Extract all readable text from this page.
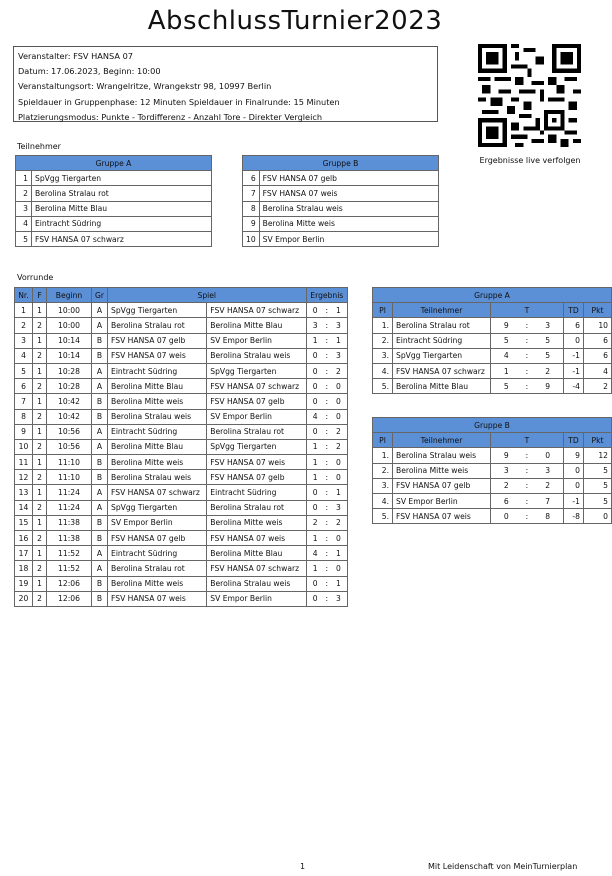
AbschlussTurnier2023
Veranstalter: FSV HANSA 07
Datum: 17.06.2023, Beginn: 10:00
Veranstaltungsort: Wrangelritze, Wrangekstr 98, 10997 Berlin
Spieldauer in Gruppenphase: 12 Minuten Spieldauer in Finalrunde: 15 Minuten
Platzierungsmodus: Punkte - Tordifferenz - Anzahl Tore - Direkter Vergleich
Ergebnisse live verfolgen
Teilnehmer
Gruppe A	
1	SpVgg Tiergarten
2	Berolina Stralau rot
3	Berolina Mitte Blau
4	Eintracht Südring
5	FSV HANSA 07 schwarz
Gruppe B	
6	FSV HANSA 07 gelb
7	FSV HANSA 07 weis
8	Berolina Stralau weis
9	Berolina Mitte weis
10	SV Empor Berlin
Vorrunde
Nr.	F	Beginn	Gr	Spiel		Ergebnis		
1	1	10:00	A	SpVgg Tiergarten	FSV HANSA 07 schwarz	0	:	1
2	2	10:00	A	Berolina Stralau rot	Berolina Mitte Blau	3	:	3
3	1	10:14	B	FSV HANSA 07 gelb	SV Empor Berlin	1	:	1
4	2	10:14	B	FSV HANSA 07 weis	Berolina Stralau weis	0	:	3
5	1	10:28	A	Eintracht Südring	SpVgg Tiergarten	0	:	2
6	2	10:28	A	Berolina Mitte Blau	FSV HANSA 07 schwarz	0	:	0
7	1	10:42	B	Berolina Mitte weis	FSV HANSA 07 gelb	0	:	0
8	2	10:42	B	Berolina Stralau weis	SV Empor Berlin	4	:	0
9	1	10:56	A	Eintracht Südring	Berolina Stralau rot	0	:	2
10	2	10:56	A	Berolina Mitte Blau	SpVgg Tiergarten	1	:	2
11	1	11:10	B	Berolina Mitte weis	FSV HANSA 07 weis	1	:	0
12	2	11:10	B	Berolina Stralau weis	FSV HANSA 07 gelb	1	:	0
13	1	11:24	A	FSV HANSA 07 schwarz	Eintracht Südring	0	:	1
14	2	11:24	A	SpVgg Tiergarten	Berolina Stralau rot	0	:	3
15	1	11:38	B	SV Empor Berlin	Berolina Mitte weis	2	:	2
16	2	11:38	B	FSV HANSA 07 gelb	FSV HANSA 07 weis	1	:	0
17	1	11:52	A	Eintracht Südring	Berolina Mitte Blau	4	:	1
18	2	11:52	A	Berolina Stralau rot	FSV HANSA 07 schwarz	1	:	0
19	1	12:06	B	Berolina Mitte weis	Berolina Stralau weis	0	:	1
20	2	12:06	B	FSV HANSA 07 weis	SV Empor Berlin	0	:	3
Gruppe A						
Pl	Teilnehmer	T			TD	Pkt
1.	Berolina Stralau rot	9	:	3	6	10
2.	Eintracht Südring	5	:	5	0	6
3.	SpVgg Tiergarten	4	:	5	-1	6
4.	FSV HANSA 07 schwarz	1	:	2	-1	4
5.	Berolina Mitte Blau	5	:	9	-4	2
Gruppe B						
Pl	Teilnehmer	T			TD	Pkt
1.	Berolina Stralau weis	9	:	0	9	12
2.	Berolina Mitte weis	3	:	3	0	5
3.	FSV HANSA 07 gelb	2	:	2	0	5
4.	SV Empor Berlin	6	:	7	-1	5
5.	FSV HANSA 07 weis	0	:	8	-8	0
1	Mit Leidenschaft von MeinTurnierplan
